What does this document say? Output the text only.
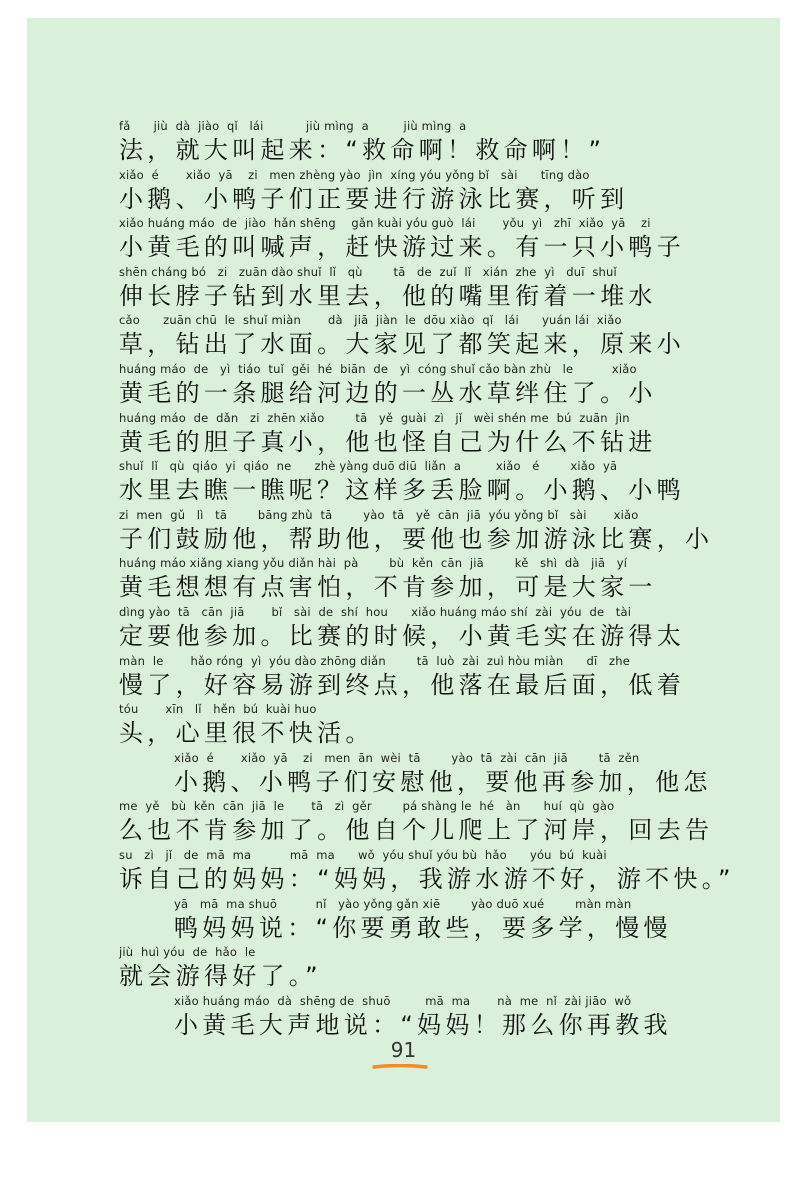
fǎ      jiù  dà  jiào  qǐ   lái           jiù mìng  a         jiù mìng  a
法，就大叫起来：“救命啊！救命啊！”
xiǎo  é       xiǎo  yā    zi   men zhèng yào  jìn  xíng yóu yǒng bǐ   sài      tīng dào
小鹅、小鸭子们正要进行游泳比赛，听到
xiǎo huáng máo  de  jiào  hǎn shēng    gǎn kuài yóu guò  lái       yǒu  yì   zhī  xiǎo  yā    zi
小黄毛的叫喊声，赶快游过来。有一只小鸭子
shēn cháng bó   zi   zuān dào shuǐ  lǐ   qù        tā   de  zuǐ  lǐ   xián  zhe  yì   duī  shuǐ
伸长脖子钻到水里去，他的嘴里衔着一堆水
cǎo      zuān chū  le  shuǐ miàn       dà   jiā  jiàn  le  dōu xiào  qǐ   lái      yuán lái  xiǎo
草，钻出了水面。大家见了都笑起来，原来小
huáng máo  de   yì  tiáo  tuǐ  gěi  hé  biān  de   yì  cóng shuǐ cǎo bàn zhù   le          xiǎo
黄毛的一条腿给河边的一丛水草绊住了。小
huáng máo  de  dǎn   zi  zhēn xiǎo        tā   yě  guài  zì   jǐ   wèi shén me  bú  zuān  jìn
黄毛的胆子真小，他也怪自己为什么不钻进
shuǐ  lǐ   qù  qiáo  yi  qiáo  ne      zhè yàng duō diū  liǎn  a         xiǎo   é        xiǎo  yā
水里去瞧一瞧呢？这样多丢脸啊。小鹅、小鸭
zi  men  gǔ   lì   tā        bāng zhù  tā        yào  tā   yě  cān  jiā  yóu yǒng bǐ   sài       xiǎo
子们鼓励他，帮助他，要他也参加游泳比赛，小
huáng máo xiǎng xiang yǒu diǎn hài  pà        bù  kěn  cān  jiā        kě   shì  dà   jiā   yí
黄毛想想有点害怕，不肯参加，可是大家一
dìng yào  tā   cān  jiā       bǐ   sài  de  shí  hou      xiǎo huáng máo shí  zài  yóu  de   tài
定要他参加。比赛的时候，小黄毛实在游得太
màn  le       hǎo róng  yì  yóu dào zhōng diǎn        tā  luò  zài  zuì hòu miàn      dī   zhe
慢了，好容易游到终点，他落在最后面，低着
tóu       xīn   lǐ   hěn  bú  kuài huo
头，心里很不快活。
xiǎo  é       xiǎo  yā    zi   men  ān  wèi  tā        yào  tā  zài  cān  jiā        tā  zěn
小鹅、小鸭子们安慰他，要他再参加，他怎
me  yě   bù  kěn  cān  jiā  le       tā   zì  gěr        pá shàng le  hé   àn      huí  qù  gào
么也不肯参加了。他自个儿爬上了河岸，回去告
su   zì   jǐ   de  mā  ma          mā  ma      wǒ  yóu shuǐ yóu bù  hǎo      yóu  bú  kuài
诉自己的妈妈：“妈妈，我游水游不好，游不快。”
yā   mā  ma shuō          nǐ   yào yǒng gǎn xiē        yào duō xué        màn màn
鸭妈妈说：“你要勇敢些，要多学，慢慢
jiù  huì yóu  de  hǎo  le
就会游得好了。”
xiǎo huáng máo  dà  shēng de  shuō         mā  ma       nà  me  nǐ  zài jiāo  wǒ
小黄毛大声地说：“妈妈！那么你再教我
91
